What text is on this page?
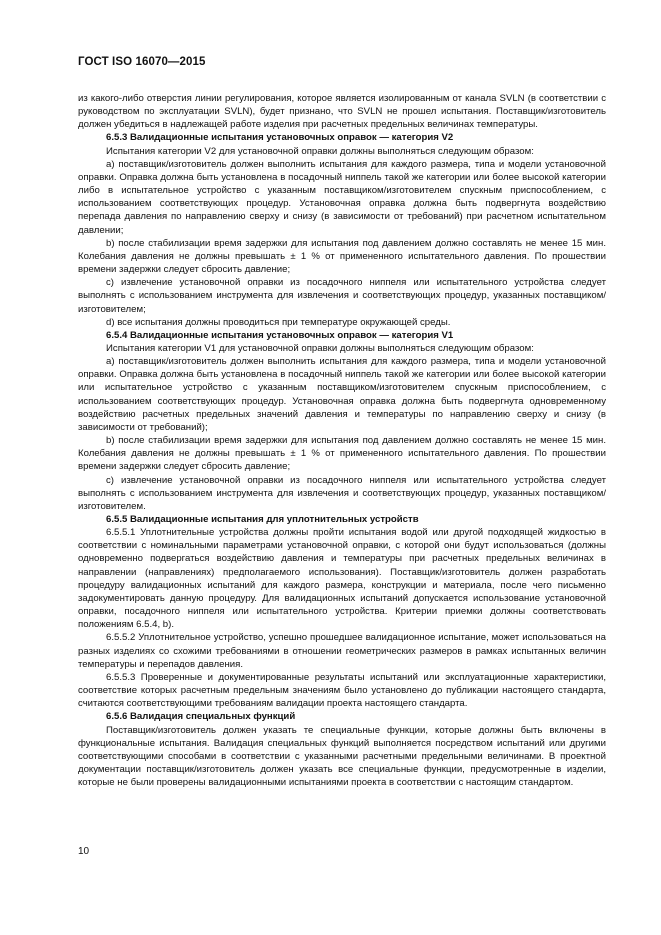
ГОСТ ISO 16070—2015

из какого-либо отверстия линии регулирования, которое является изолированным от канала SVLN (в соответствии с руководством по эксплуатации SVLN), будет признано, что SVLN не прошел испытания. Поставщик/изготовитель должен убедиться в надлежащей работе изделия при расчетных предельных величинах температуры.

6.5.3 Валидационные испытания установочных оправок — категория V2

Испытания категории V2 для установочной оправки должны выполняться следующим образом:

а) поставщик/изготовитель должен выполнить испытания для каждого размера, типа и модели установочной оправки. Оправка должна быть установлена в посадочный ниппель такой же категории или более высокой категории либо в испытательное устройство с указанным поставщиком/изготовителем спускным приспособлением, с использованием соответствующих процедур. Установочная оправка должна быть подвергнута воздействию перепада давления по направлению сверху и снизу (в зависимости от требований) при расчетном испытательном давлении;

b) после стабилизации время задержки для испытания под давлением должно составлять не менее 15 мин. Колебания давления не должны превышать ± 1 % от примененного испытательного давления. По прошествии времени задержки следует сбросить давление;

с) извлечение установочной оправки из посадочного ниппеля или испытательного устройства следует выполнять с использованием инструмента для извлечения и соответствующих процедур, указанных поставщиком/изготовителем;

d) все испытания должны проводиться при температуре окружающей среды.

6.5.4 Валидационные испытания установочных оправок — категория V1

Испытания категории V1 для установочной оправки должны выполняться следующим образом:

а) поставщик/изготовитель должен выполнить испытания для каждого размера, типа и модели установочной оправки. Оправка должна быть установлена в посадочный ниппель такой же категории или более высокой категории или испытательное устройство с указанным поставщиком/изготовителем спускным приспособлением, с использованием соответствующих процедур. Установочная оправка должна быть подвергнута одновременному воздействию расчетных предельных значений давления и температуры по направлению сверху и снизу (в зависимости от требований);

b) после стабилизации время задержки для испытания под давлением должно составлять не менее 15 мин. Колебания давления не должны превышать ± 1 % от примененного испытательного давления. По прошествии времени задержки следует сбросить давление;

с) извлечение установочной оправки из посадочного ниппеля или испытательного устройства следует выполнять с использованием инструмента для извлечения и соответствующих процедур, указанных поставщиком/изготовителем.

6.5.5 Валидационные испытания для уплотнительных устройств

6.5.5.1 Уплотнительные устройства должны пройти испытания водой или другой подходящей жидкостью в соответствии с номинальными параметрами установочной оправки, с которой они будут использоваться (должны одновременно подвергаться воздействию давления и температуры при расчетных предельных величинах в направлении (направлениях) предполагаемого использования). Поставщик/изготовитель должен разработать процедуру валидационных испытаний для каждого размера, конструкции и материала, после чего письменно задокументировать данную процедуру. Для валидационных испытаний допускается использование установочной оправки, посадочного ниппеля или испытательного устройства. Критерии приемки должны соответствовать положениям 6.5.4, b).

6.5.5.2 Уплотнительное устройство, успешно прошедшее валидационное испытание, может использоваться на разных изделиях со схожими требованиями в отношении геометрических размеров в рамках испытанных величин температуры и перепадов давления.

6.5.5.3 Проверенные и документированные результаты испытаний или эксплуатационные характеристики, соответствие которых расчетным предельным значениям было установлено до публикации настоящего стандарта, считаются соответствующими требованиям валидации проекта настоящего стандарта.

6.5.6 Валидация специальных функций

Поставщик/изготовитель должен указать те специальные функции, которые должны быть включены в функциональные испытания. Валидация специальных функций выполняется посредством испытаний или другими соответствующими способами в соответствии с указанными расчетными предельными величинами. В проектной документации поставщик/изготовитель должен указать все специальные функции, предусмотренные в изделии, которые не были проверены валидационными испытаниями проекта в соответствии с настоящим стандартом.

10
